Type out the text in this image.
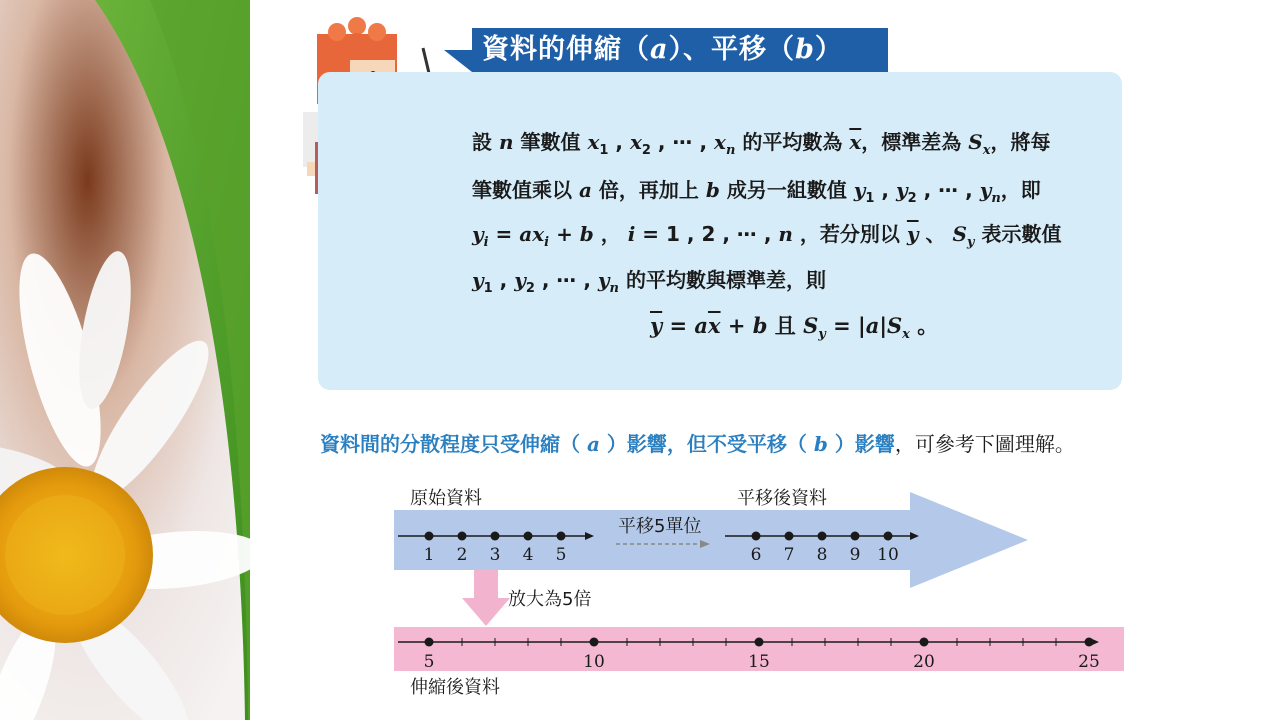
資料的伸縮（a）、平移（b）
設 n 筆數值 $x_1$ , $x_2$ , ⋯ , $x_n$ 的平均數為 $\overline{x}$，標準差為 $S_x$，將每
筆數值乘以 a 倍，再加上 b 成另一組數值 $y_1$ , $y_2$ , ⋯ , $y_n$，即
$y_i = ax_i + b$ ， i = 1 , 2 , ⋯ , n ，若分別以 $\overline{y}$ 、 $S_y$ 表示數值
$y_1$ , $y_2$ , ⋯ , $y_n$ 的平均數與標準差，則
$\overline{y} = a\overline{x} + b$ 且 $S_y = |a|S_x$ 。
資料間的分散程度只受伸縮（ a ）影響，但不受平移（ b ）影響，可參考下圖理解。
原始資料	平移後資料
平移5單位
放大為5倍
伸縮後資料
1 2 3 4 5	6 7 8 9 10
5	10	15	20	25
